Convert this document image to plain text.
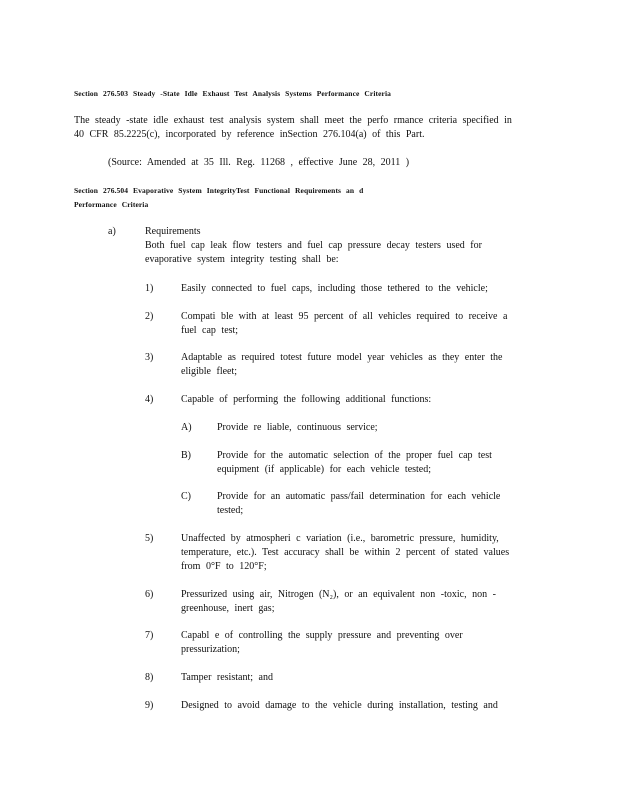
Section 276.503 Steady -State Idle Exhaust Test Analysis Systems Performance Criteria
The steady -state idle exhaust test analysis system shall meet the perfo rmance criteria specified in
40 CFR 85.2225(c), incorporated by reference inSection 276.104(a) of this Part.
(Source: Amended at 35 Ill. Reg. 11268 , effective June 28, 2011 )
Section 276.504 Evaporative System IntegrityTest Functional Requirements an d
Performance Criteria
a)	Requirements
Both fuel cap leak flow testers and fuel cap pressure decay testers used for
evaporative system integrity testing shall be:
1)	Easily connected to fuel caps, including those tethered to the vehicle;
2)	Compati ble with at least 95 percent of all vehicles required to receive a
fuel cap test;
3)	Adaptable as required totest future model year vehicles as they enter the
eligible fleet;
4)	Capable of performing the following additional functions:
A)	Provide re liable, continuous service;
B)	Provide for the automatic selection of the proper fuel cap test
equipment (if applicable) for each vehicle tested;
C)	Provide for an automatic pass/fail determination for each vehicle
tested;
5)	Unaffected by atmospheri c variation (i.e., barometric pressure, humidity,
temperature, etc.). Test accuracy shall be within 2 percent of stated values
from 0°F to 120°F;
6)	Pressurized using air, Nitrogen (N₂), or an equivalent non -toxic, non -
greenhouse, inert gas;
7)	Capabl e of controlling the supply pressure and preventing over
pressurization;
8)	Tamper resistant; and
9)	Designed to avoid damage to the vehicle during installation, testing and
